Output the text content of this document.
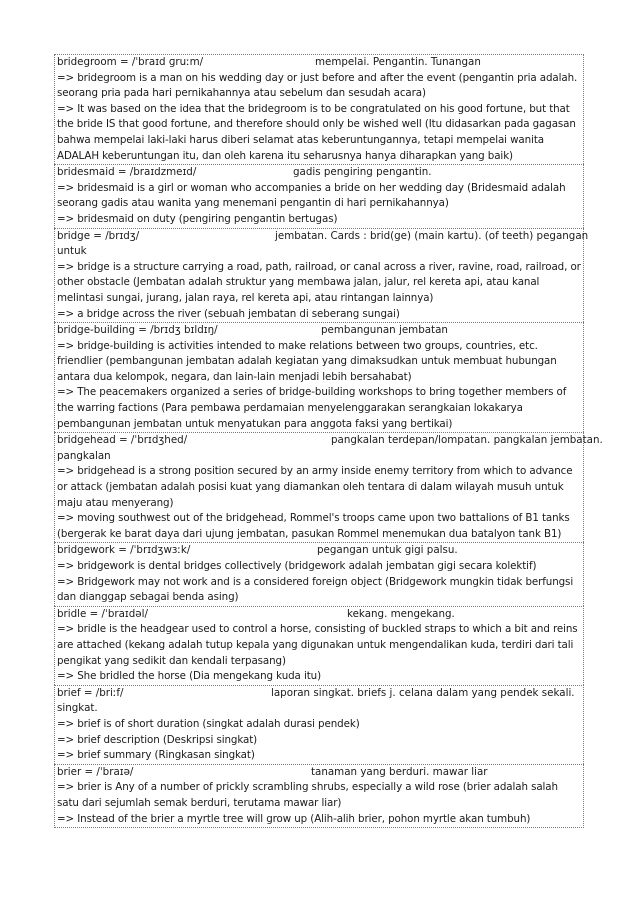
bridegroom = /ˈbraɪd ɡruːm/	mempelai. Pengantin. Tunangan

=> bridegroom is a man on his wedding day or just before and after the event (pengantin pria adalah. seorang pria pada hari pernikahannya atau sebelum dan sesudah acara)

=> It was based on the idea that the bridegroom is to be congratulated on his good fortune, but that the bride IS that good fortune, and therefore should only be wished well (Itu didasarkan pada gagasan bahwa mempelai laki-laki harus diberi selamat atas keberuntungannya, tetapi mempelai wanita ADALAH keberuntungan itu, dan oleh karena itu seharusnya hanya diharapkan yang baik)

bridesmaid = /braɪdzmeɪd/	gadis pengiring pengantin.

=> bridesmaid is a girl or woman who accompanies a bride on her wedding day (Bridesmaid adalah seorang gadis atau wanita yang menemani pengantin di hari pernikahannya)

=> bridesmaid on duty (pengiring pengantin bertugas)

bridge = /brɪdʒ/	jembatan. Cards : brid(ge) (main kartu). (of teeth) pegangan
untuk

=> bridge is a structure carrying a road, path, railroad, or canal across a river, ravine, road, railroad, or other obstacle (Jembatan adalah struktur yang membawa jalan, jalur, rel kereta api, atau kanal melintasi sungai, jurang, jalan raya, rel kereta api, atau rintangan lainnya)

=> a bridge across the river (sebuah jembatan di seberang sungai)

bridge-building = /brɪdʒ bɪldɪŋ/	pembangunan jembatan

=> bridge-building is activities intended to make relations between two groups, countries, etc. friendlier (pembangunan jembatan adalah kegiatan yang dimaksudkan untuk membuat hubungan antara dua kelompok, negara, dan lain-lain menjadi lebih bersahabat)

=> The peacemakers organized a series of bridge-building workshops to bring together members of the warring factions (Para pembawa perdamaian menyelenggarakan serangkaian lokakarya pembangunan jembatan untuk menyatukan para anggota faksi yang bertikai)

bridgehead = /ˈbrɪdʒhed/	pangkalan terdepan/lompatan. pangkalan jembatan.
pangkalan

=> bridgehead is a strong position secured by an army inside enemy territory from which to advance or attack (jembatan adalah posisi kuat yang diamankan oleh tentara di dalam wilayah musuh untuk maju atau menyerang)

=> moving southwest out of the bridgehead, Rommel's troops came upon two battalions of B1 tanks (bergerak ke barat daya dari ujung jembatan, pasukan Rommel menemukan dua batalyon tank B1)

bridgework = /ˈbrɪdʒwɜːk/	pegangan untuk gigi palsu.

=> bridgework is dental bridges collectively (bridgework adalah jembatan gigi secara kolektif)

=> Bridgework may not work and is a considered foreign object (Bridgework mungkin tidak berfungsi dan dianggap sebagai benda asing)

bridle = /ˈbraɪdəl/	kekang. mengekang.

=> bridle is the headgear used to control a horse, consisting of buckled straps to which a bit and reins are attached (kekang adalah tutup kepala yang digunakan untuk mengendalikan kuda, terdiri dari tali pengikat yang sedikit dan kendali terpasang)

=> She bridled the horse (Dia mengekang kuda itu)

brief = /briːf/	laporan singkat. briefs j. celana dalam yang pendek sekali.
singkat.

=> brief is of short duration (singkat adalah durasi pendek)

=> brief description (Deskripsi singkat)

=> brief summary (Ringkasan singkat)

brier = /ˈbraɪə/	tanaman yang berduri. mawar liar

=> brier is Any of a number of prickly scrambling shrubs, especially a wild rose (brier adalah salah satu dari sejumlah semak berduri, terutama mawar liar)

=> Instead of the brier a myrtle tree will grow up (Alih-alih brier, pohon myrtle akan tumbuh)
